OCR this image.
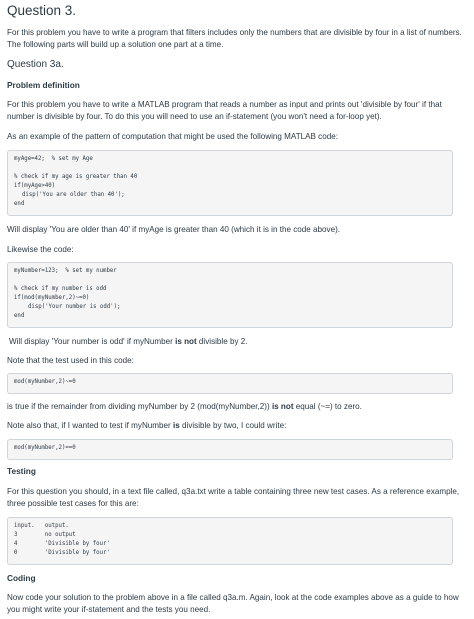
Question 3.

For this problem you have to write a program that filters includes only the numbers that are divisible by four in a list of numbers. The following parts will build up a solution one part at a time.

Question 3a.

Problem definition

For this problem you have to write a MATLAB program that reads a number as input and prints out 'divisible by four' if that number is divisible by four. To do this you will need to use an if-statement (you won't need a for-loop yet).

As an example of the pattern of computation that might be used the following MATLAB code:

myAge=42;  % set my Age
% check if my age is greater than 40
if(myAge>40)
disp('You are older than 40');
end

Will display 'You are older than 40' if myAge is greater than 40 (which it is in the code above).

Likewise the code:

myNumber=123;  % set my number
% check if my number is odd
if(mod(myNumber,2)~=0)
disp('Your number is odd');
end

Will display 'Your number is odd' if myNumber is not divisible by 2.

Note that the test used in this code:

mod(myNumber,2)~=0

is true if the remainder from dividing myNumber by 2 (mod(myNumber,2)) is not equal (~=) to zero.

Note also that, if I wanted to test if myNumber is divisible by two, I could write:

mod(myNumber,2)==0

Testing

For this question you should, in a text file called, q3a.txt write a table containing three new test cases. As a reference example, three possible test cases for this are:

input.   output.
3        no output
4        'Divisible by four'
0        'Divisible by four'

Coding

Now code your solution to the problem above in a file called q3a.m. Again, look at the code examples above as a guide to how you might write your if-statement and the tests you need.
